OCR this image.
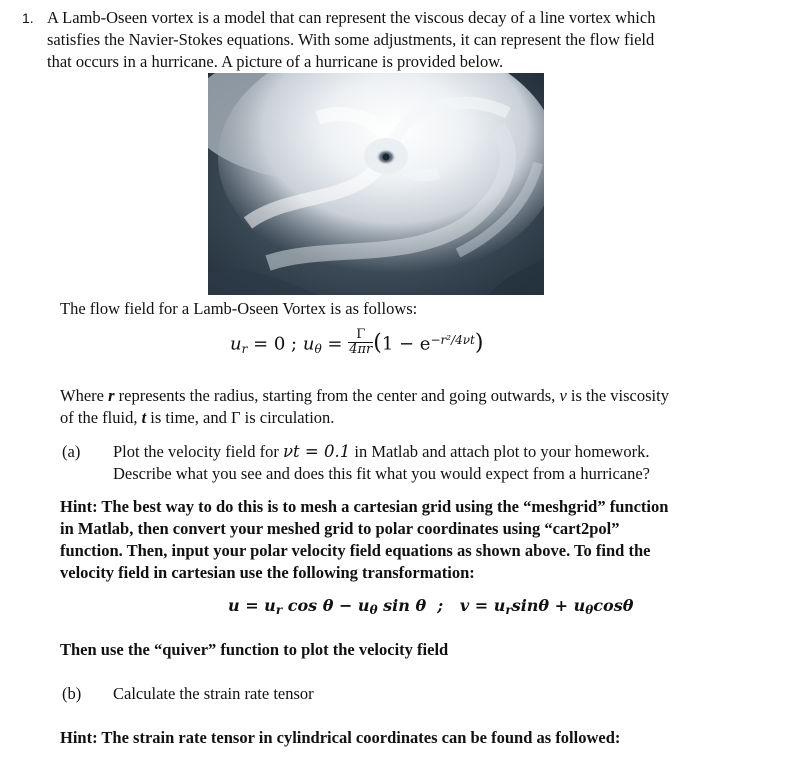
1. A Lamb-Oseen vortex is a model that can represent the viscous decay of a line vortex which
satisfies the Navier-Stokes equations. With some adjustments, it can represent the flow field
that occurs in a hurricane. A picture of a hurricane is provided below.
The flow field for a Lamb-Oseen Vortex is as follows:
$u_r = 0$ ; $u_\theta = \frac{\Gamma}{4\pi r} (1 - e^{-r^2/4\nu t})$
Where r represents the radius, starting from the center and going outwards, ν is the viscosity
of the fluid, t is time, and Γ is circulation.
(a) Plot the velocity field for νt = 0.1 in Matlab and attach plot to your homework.
Describe what you see and does this fit what you would expect from a hurricane?
Hint: The best way to do this is to mesh a cartesian grid using the “meshgrid” function
in Matlab, then convert your meshed grid to polar coordinates using “cart2pol”
function. Then, input your polar velocity field equations as shown above. To find the
velocity field in cartesian use the following transformation:
$u = u_r$ $\cos \theta - u_\theta$ sin θ  ;   $v = u_r\sin\theta + u_\theta\cos\theta$
Then use the “quiver” function to plot the velocity field
(b) Calculate the strain rate tensor
Hint: The strain rate tensor in cylindrical coordinates can be found as followed:
